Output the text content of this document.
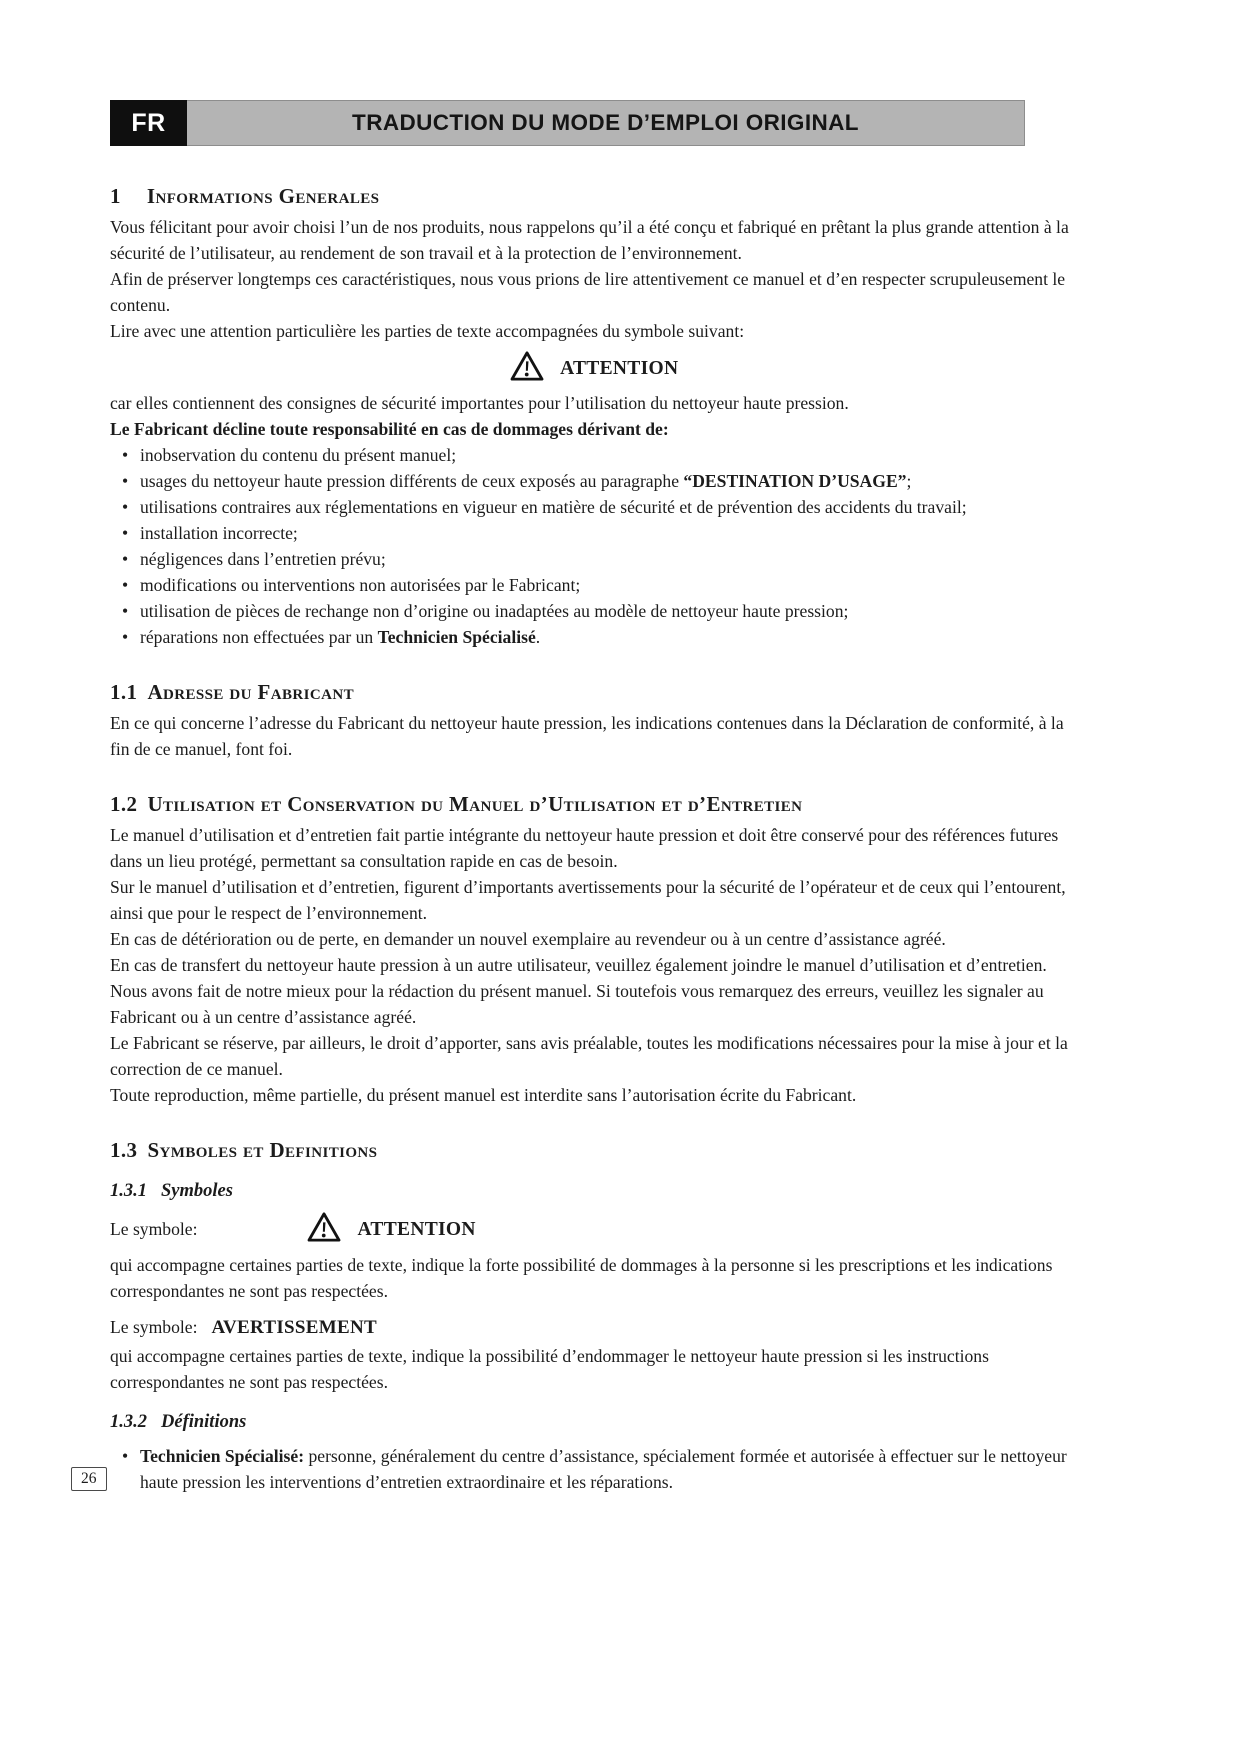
FR	TRADUCTION DU MODE D’EMPLOI ORIGINAL
1 Informations Generales

Vous félicitant pour avoir choisi l’un de nos produits, nous rappelons qu’il a été conçu et fabriqué en prêtant la plus grande attention à la sécurité de l’utilisateur, au rendement de son travail et à la protection de l’environnement.

Afin de préserver longtemps ces caractéristiques, nous vous prions de lire attentivement ce manuel et d’en respecter scrupuleusement le contenu.

Lire avec une attention particulière les parties de texte accompagnées du symbole suivant:

ATTENTION

car elles contiennent des consignes de sécurité importantes pour l’utilisation du nettoyeur haute pression.

Le Fabricant décline toute responsabilité en cas de dommages dérivant de:

• inobservation du contenu du présent manuel;
• usages du nettoyeur haute pression différents de ceux exposés au paragraphe “DESTINATION D’USAGE”;
• utilisations contraires aux réglementations en vigueur en matière de sécurité et de prévention des accidents du travail;
• installation incorrecte;
• négligences dans l’entretien prévu;
• modifications ou interventions non autorisées par le Fabricant;
• utilisation de pièces de rechange non d’origine ou inadaptées au modèle de nettoyeur haute pression;
• réparations non effectuées par un Technicien Spécialisé.
1.1 Adresse du Fabricant

En ce qui concerne l’adresse du Fabricant du nettoyeur haute pression, les indications contenues dans la Déclaration de conformité, à la fin de ce manuel, font foi.

1.2 Utilisation et Conservation du Manuel d’Utilisation et d’Entretien

Le manuel d’utilisation et d’entretien fait partie intégrante du nettoyeur haute pression et doit être conservé pour des références futures dans un lieu protégé, permettant sa consultation rapide en cas de besoin.

Sur le manuel d’utilisation et d’entretien, figurent d’importants avertissements pour la sécurité de l’opérateur et de ceux qui l’entourent, ainsi que pour le respect de l’environnement.

En cas de détérioration ou de perte, en demander un nouvel exemplaire au revendeur ou à un centre d’assistance agréé.

En cas de transfert du nettoyeur haute pression à un autre utilisateur, veuillez également joindre le manuel d’utilisation et d’entretien.

Nous avons fait de notre mieux pour la rédaction du présent manuel. Si toutefois vous remarquez des erreurs, veuillez les signaler au Fabricant ou à un centre d’assistance agréé.

Le Fabricant se réserve, par ailleurs, le droit d’apporter, sans avis préalable, toutes les modifications nécessaires pour la mise à jour et la correction de ce manuel.

Toute reproduction, même partielle, du présent manuel est interdite sans l’autorisation écrite du Fabricant.

1.3 Symboles et Definitions
1.3.1 Symboles
Le symbole:	ATTENTION

qui accompagne certaines parties de texte, indique la forte possibilité de dommages à la personne si les prescriptions et les indications correspondantes ne sont pas respectées.

Le symbole: AVERTISSEMENT

qui accompagne certaines parties de texte, indique la possibilité d’endommager le nettoyeur haute pression si les instructions correspondantes ne sont pas respectées.

1.3.2 Définitions
• Technicien Spécialisé: personne, généralement du centre d’assistance, spécialement formée et autorisée à effectuer sur le nettoyeur haute pression les interventions d’entretien extraordinaire et les réparations.
26
